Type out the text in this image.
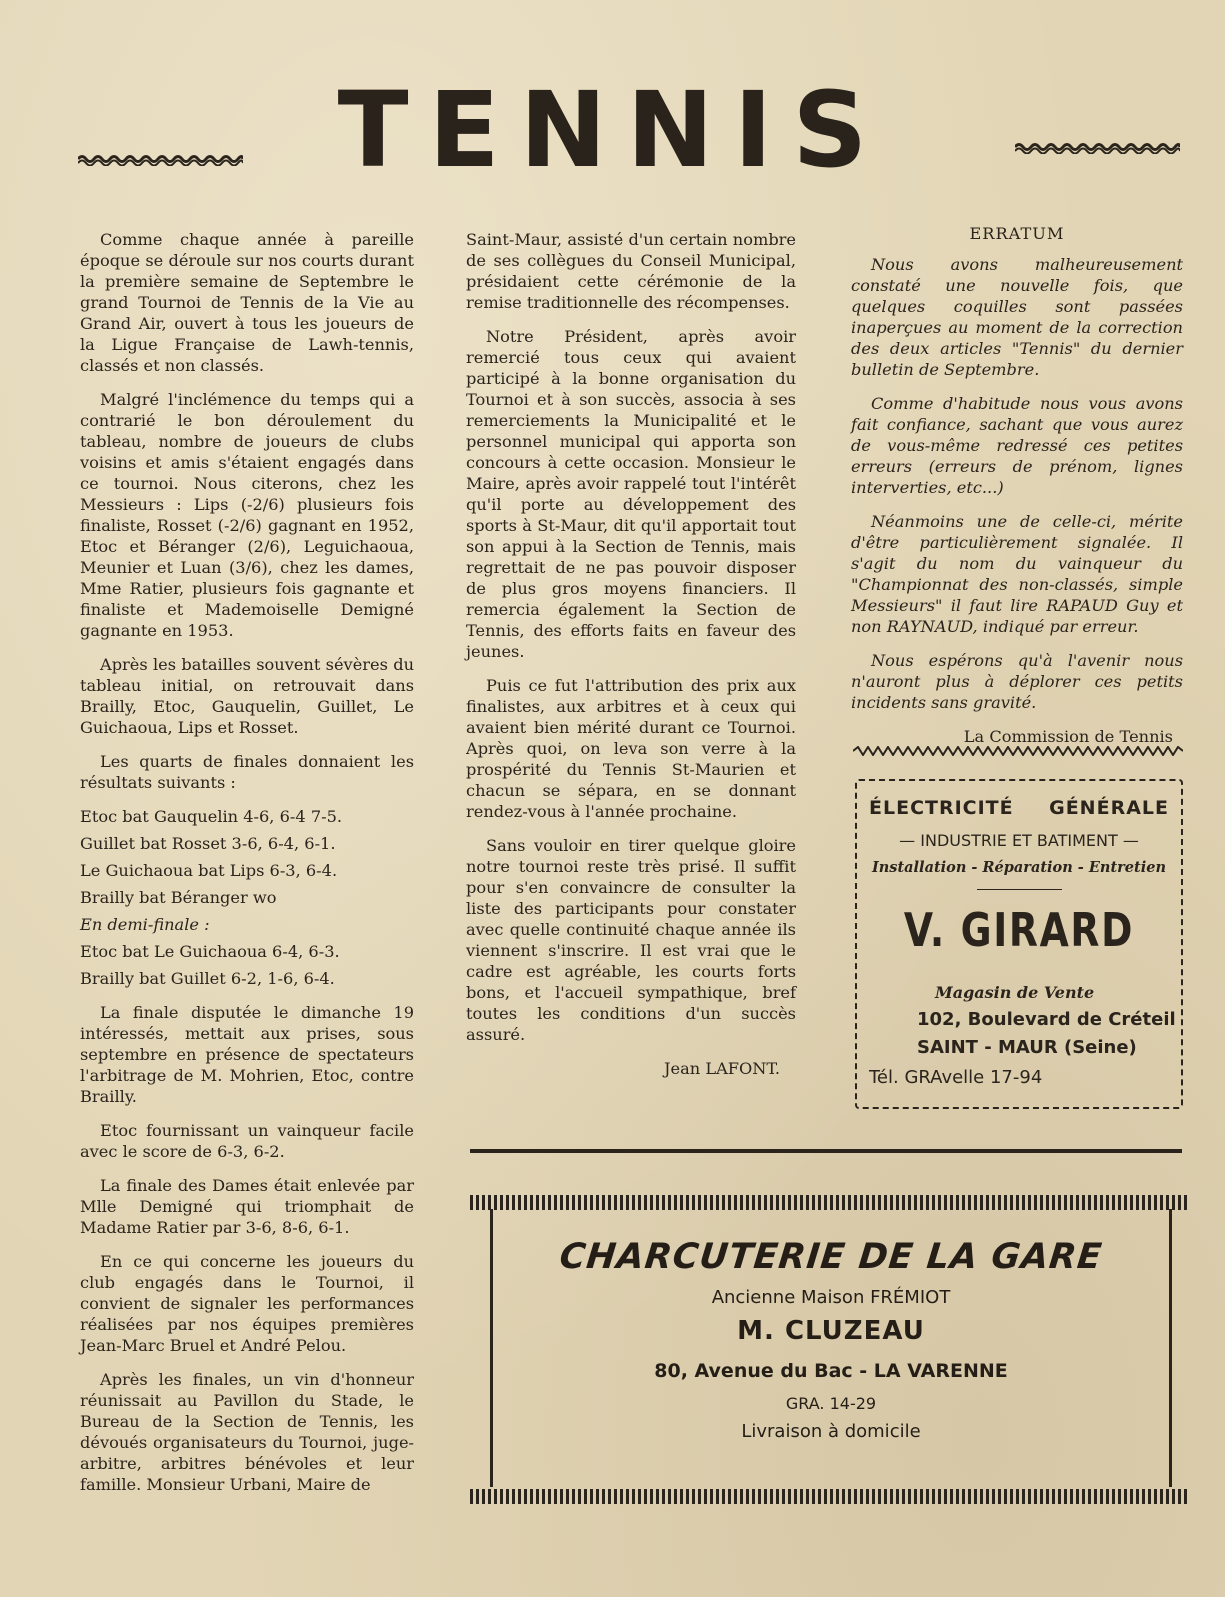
TENNIS

Comme chaque année à pareille époque se déroule sur nos courts durant la première semaine de Septembre le grand Tournoi de Tennis de la Vie au Grand Air, ouvert à tous les joueurs de la Ligue Française de Lawh-tennis, classés et non classés.

Malgré l'inclémence du temps qui a contrarié le bon déroulement du tableau, nombre de joueurs de clubs voisins et amis s'étaient engagés dans ce tournoi. Nous citerons, chez les Messieurs : Lips (-2/6) plusieurs fois finaliste, Rosset (-2/6) gagnant en 1952, Etoc et Béranger (2/6), Leguichaoua, Meunier et Luan (3/6), chez les dames, Mme Ratier, plusieurs fois gagnante et finaliste et Mademoiselle Demigné gagnante en 1953.

Après les batailles souvent sévères du tableau initial, on retrouvait dans Brailly, Etoc, Gauquelin, Guillet, Le Guichaoua, Lips et Rosset.

Les quarts de finales donnaient les résultats suivants :

Etoc bat Gauquelin 4-6, 6-4 7-5.

Guillet bat Rosset 3-6, 6-4, 6-1.

Le Guichaoua bat Lips 6-3, 6-4.

Brailly bat Béranger wo

En demi-finale :

Etoc bat Le Guichaoua 6-4, 6-3.

Brailly bat Guillet 6-2, 1-6, 6-4.

La finale disputée le dimanche 19 intéressés, mettait aux prises, sous septembre en présence de spectateurs l'arbitrage de M. Mohrien, Etoc, contre Brailly.

Etoc fournissant un vainqueur facile avec le score de 6-3, 6-2.

La finale des Dames était enlevée par Mlle Demigné qui triomphait de Madame Ratier par 3-6, 8-6, 6-1.

En ce qui concerne les joueurs du club engagés dans le Tournoi, il convient de signaler les performances réalisées par nos équipes premières Jean-Marc Bruel et André Pelou.

Après les finales, un vin d'honneur réunissait au Pavillon du Stade, le Bureau de la Section de Tennis, les dévoués organisateurs du Tournoi, juge-arbitre, arbitres bénévoles et leur famille. Monsieur Urbani, Maire de

Saint-Maur, assisté d'un certain nombre de ses collègues du Conseil Municipal, présidaient cette cérémonie de la remise traditionnelle des récompenses.

Notre Président, après avoir remercié tous ceux qui avaient participé à la bonne organisation du Tournoi et à son succès, associa à ses remerciements la Municipalité et le personnel municipal qui apporta son concours à cette occasion. Monsieur le Maire, après avoir rappelé tout l'intérêt qu'il porte au développement des sports à St-Maur, dit qu'il apportait tout son appui à la Section de Tennis, mais regrettait de ne pas pouvoir disposer de plus gros moyens financiers. Il remercia également la Section de Tennis, des efforts faits en faveur des jeunes.

Puis ce fut l'attribution des prix aux finalistes, aux arbitres et à ceux qui avaient bien mérité durant ce Tournoi. Après quoi, on leva son verre à la prospérité du Tennis St-Maurien et chacun se sépara, en se donnant rendez-vous à l'année prochaine.

Sans vouloir en tirer quelque gloire notre tournoi reste très prisé. Il suffit pour s'en convaincre de consulter la liste des participants pour constater avec quelle continuité chaque année ils viennent s'inscrire. Il est vrai que le cadre est agréable, les courts forts bons, et l'accueil sympathique, bref toutes les conditions d'un succès assuré.

Jean LAFONT.

ERRATUM

Nous avons malheureusement constaté une nouvelle fois, que quelques coquilles sont passées inaperçues au moment de la correction des deux articles "Tennis" du dernier bulletin de Septembre.

Comme d'habitude nous vous avons fait confiance, sachant que vous aurez de vous-même redressé ces petites erreurs (erreurs de prénom, lignes interverties, etc...)

Néanmoins une de celle-ci, mérite d'être particulièrement signalée. Il s'agit du nom du vainqueur du "Championnat des non-classés, simple Messieurs" il faut lire RAPAUD Guy et non RAYNAUD, indiqué par erreur.

Nous espérons qu'à l'avenir nous n'auront plus à déplorer ces petits incidents sans gravité.

La Commission de Tennis

ÉLECTRICITÉ GÉNÉRALE
— INDUSTRIE ET BATIMENT —
Installation - Réparation - Entretien
V. GIRARD
Magasin de Vente
102, Boulevard de Créteil
SAINT - MAUR (Seine)
Tél. GRAvelle 17-94
CHARCUTERIE DE LA GARE
Ancienne Maison FRÉMIOT
M. CLUZEAU
80, Avenue du Bac - LA VARENNE
GRA. 14-29
Livraison à domicile
